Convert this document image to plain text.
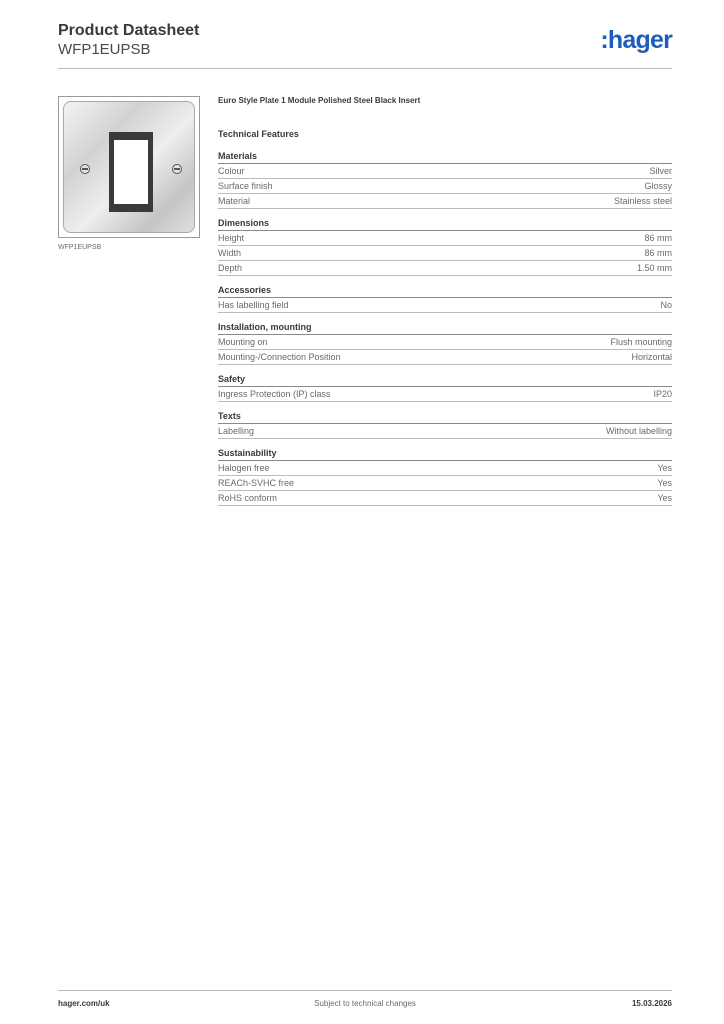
Product Datasheet
WFP1EUPSB	:hager
WFP1EUPSB
Euro Style Plate 1 Module Polished Steel Black Insert
Technical Features
Materials
Colour	Silver
Surface finish	Glossy
Material	Stainless steel
Dimensions
Height	86 mm
Width	86 mm
Depth	1.50 mm
Accessories
Has labelling field	No
Installation, mounting
Mounting on	Flush mounting
Mounting-/Connection Position	Horizontal
Safety
Ingress Protection (IP) class	IP20
Texts
Labelling	Without labelling
Sustainability
Halogen free	Yes
REACh-SVHC free	Yes
RoHS conform	Yes
hager.com/uk	Subject to technical changes	15.03.2026
